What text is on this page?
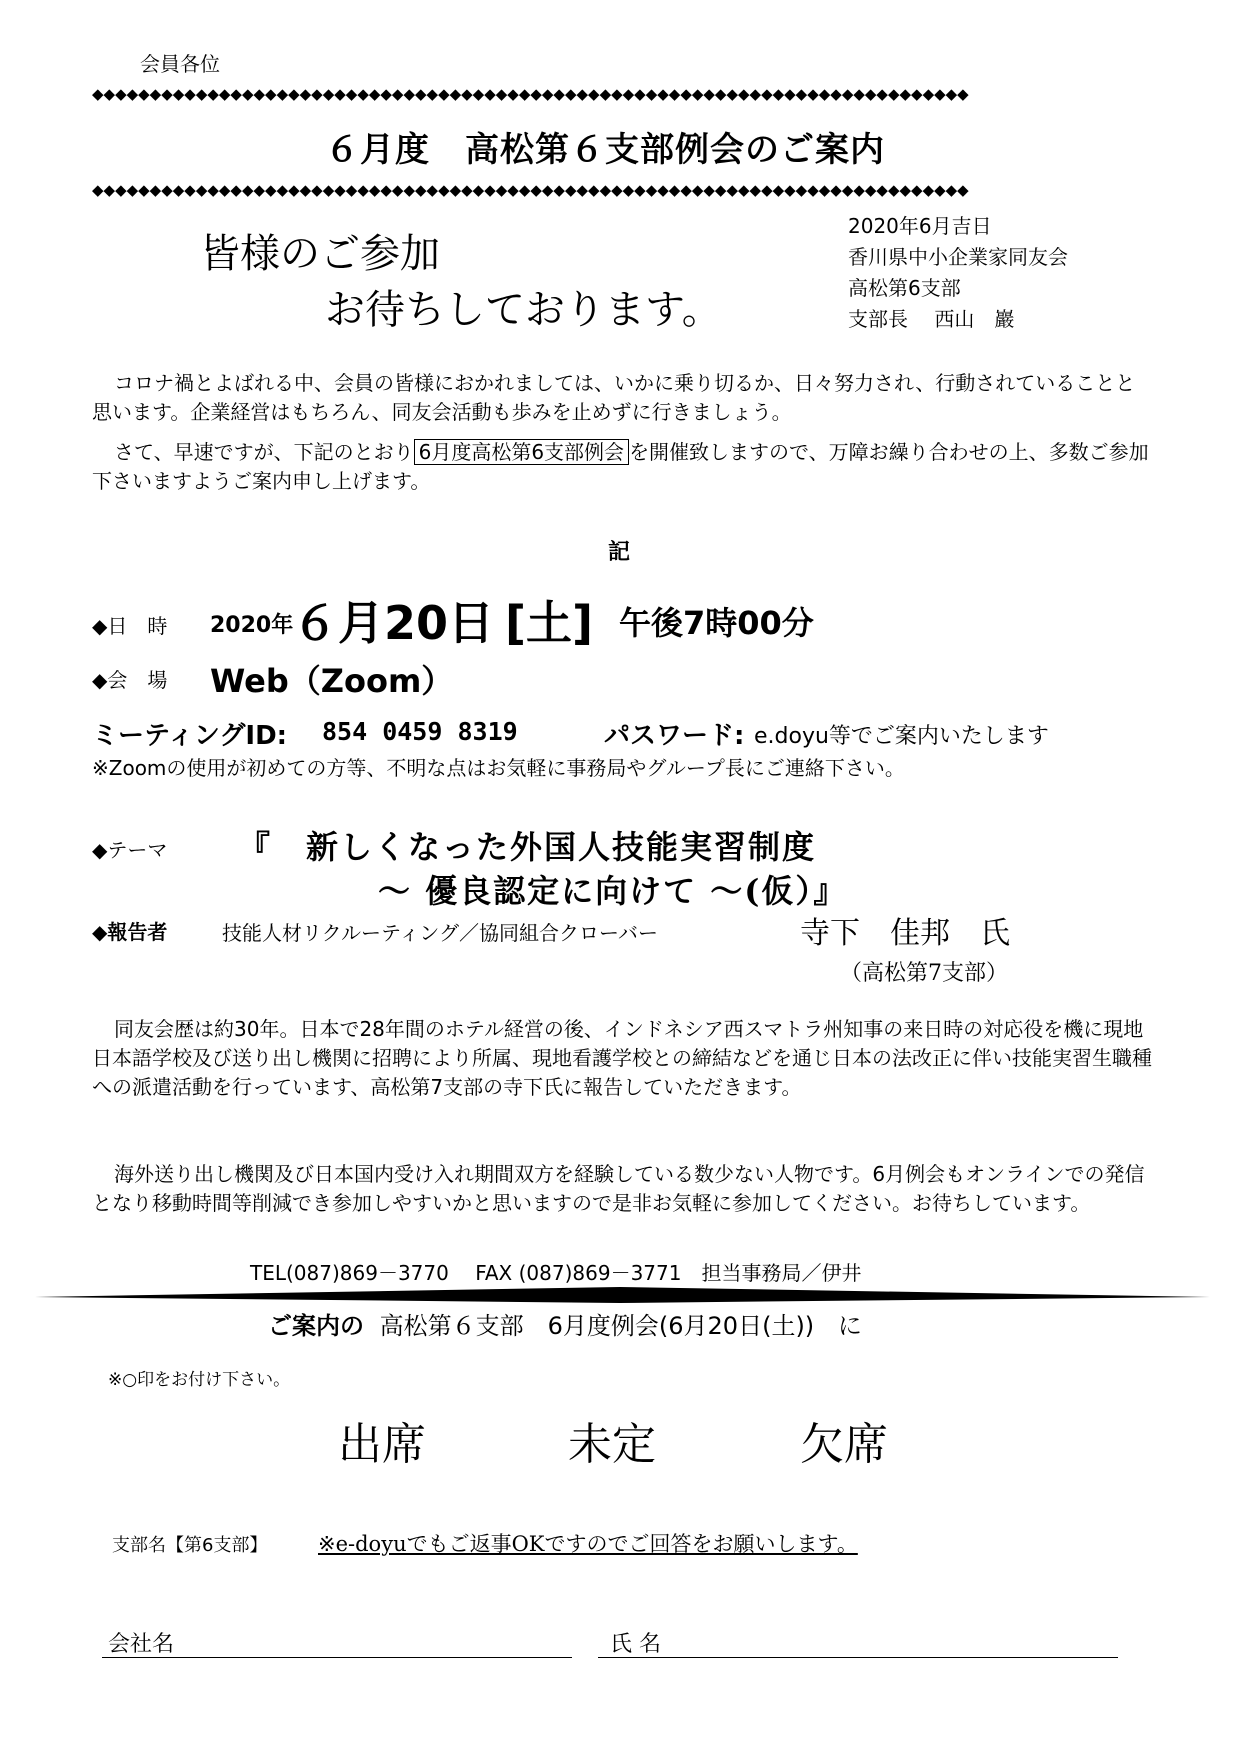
会員各位
◆◆◆◆◆◆◆◆◆◆◆◆◆◆◆◆◆◆◆◆◆◆◆◆◆◆◆◆◆◆◆◆◆◆◆◆◆◆◆◆◆◆◆◆◆◆◆◆◆◆◆◆◆◆◆◆◆◆◆◆◆◆◆◆◆◆◆◆◆◆◆◆◆◆◆◆
６月度　高松第６支部例会のご案内
◆◆◆◆◆◆◆◆◆◆◆◆◆◆◆◆◆◆◆◆◆◆◆◆◆◆◆◆◆◆◆◆◆◆◆◆◆◆◆◆◆◆◆◆◆◆◆◆◆◆◆◆◆◆◆◆◆◆◆◆◆◆◆◆◆◆◆◆◆◆◆◆◆◆◆◆
皆様のご参加
お待ちしております。
2020年6月吉日
香川県中小企業家同友会
高松第6支部
支部長　 西山　巖

コロナ禍とよばれる中、会員の皆様におかれましては、いかに乗り切るか、日々努力され、行動されていることと思います。企業経営はもちろん、同友会活動も歩みを止めずに行きましょう。

さて、早速ですが、下記のとおり 6月度高松第6支部例会 を開催致しますので、万障お繰り合わせの上、多数ご参加下さいますようご案内申し上げます。

記
◆日　時 2020年
６月20日 [土] 午後7時00分
◆会　場 Web（Zoom）
ミーティングID: 854 0459 8319	パスワード: e.doyu等でご案内いたします
※Zoomの使用が初めての方等、不明な点はお気軽に事務局やグループ長にご連絡下さい。
◆テーマ 『　新しくなった外国人技能実習制度
～ 優良認定に向けて ～(仮）』
◆報告者	技能人材リクルーティング／協同組合クローバー	寺下　佳邦　氏
（高松第7支部）

同友会歴は約30年。日本で28年間のホテル経営の後、インドネシア西スマトラ州知事の来日時の対応役を機に現地日本語学校及び送り出し機関に招聘により所属、現地看護学校との締結などを通じ日本の法改正に伴い技能実習生職種への派遣活動を行っています、高松第7支部の寺下氏に報告していただきます。

海外送り出し機関及び日本国内受け入れ期間双方を経験している数少ない人物です。6月例会もオンラインでの発信となり移動時間等削減でき参加しやすいかと思いますので是非お気軽に参加してください。お待ちしています。

TEL(087)869－3770　 FAX (087)869－3771　担当事務局／伊井
ご案内の 高松第６支部　6月度例会(6月20日(土)) に
※○印をお付け下さい。
出席	未定	欠席
支部名【第6支部】 ※e-doyuでもご返事OKですのでご回答をお願いします。
会社名	氏 名
